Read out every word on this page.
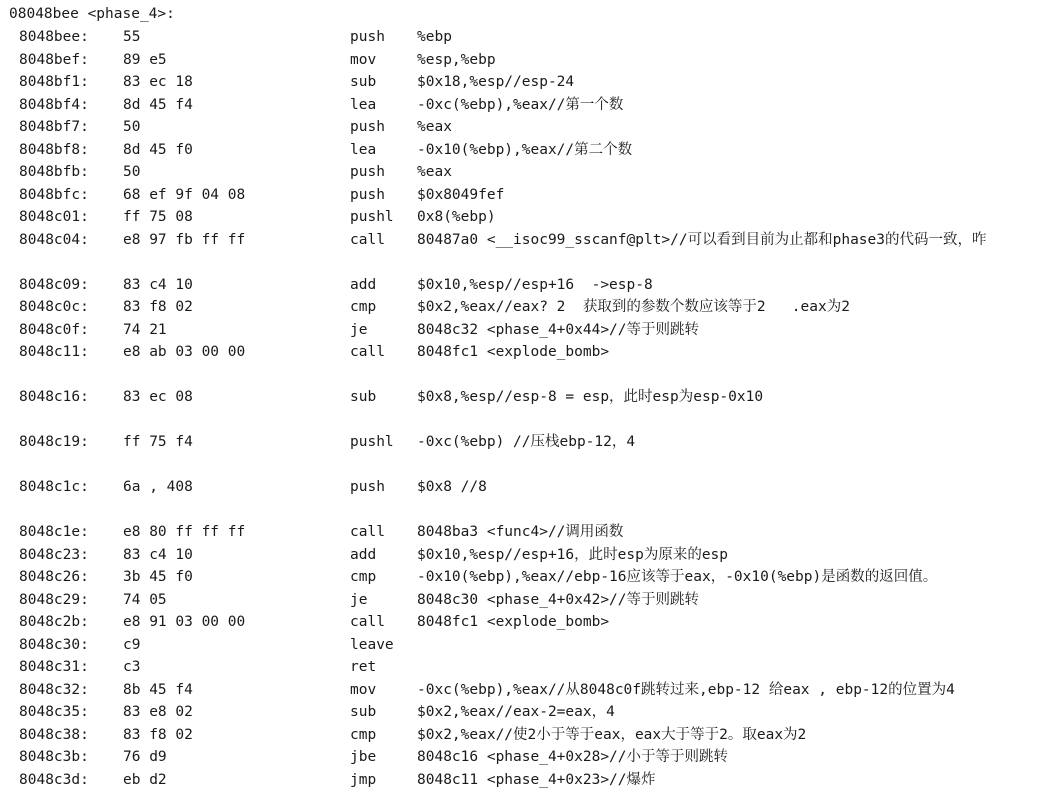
08048bee <phase_4>:
8048bee: 55	push %ebp
8048bef: 89 e5	mov	%esp,%ebp
8048bf1: 83 ec 18	sub	$0x18,%esp//esp-24
8048bf4: 8d 45 f4	lea	-0xc(%ebp),%eax//第一个数
8048bf7: 50	push %eax
8048bf8: 8d 45 f0	lea	-0x10(%ebp),%eax//第二个数
8048bfb: 50	push %eax
8048bfc: 68 ef 9f 04 08	push $0x8049fef
8048c01: ff 75 08	pushl 0x8(%ebp)
8048c04: e8 97 fb ff ff	call 80487a0 <__isoc99_sscanf@plt>//可以看到目前为止都和phase3的代码一致，咋
8048c09: 83 c4 10	add	$0x10,%esp//esp+16  ->esp-8
8048c0c: 83 f8 02	cmp	$0x2,%eax//eax? 2  获取到的参数个数应该等于2   .eax为2
8048c0f: 74 21	je	8048c32 <phase_4+0x44>//等于则跳转
8048c11: e8 ab 03 00 00	call 8048fc1 <explode_bomb>
8048c16: 83 ec 08	sub	$0x8,%esp//esp-8 = esp，此时esp为esp-0x10
8048c19: ff 75 f4	pushl -0xc(%ebp) //压栈ebp-12，4
8048c1c: 6a , 408	push $0x8 //8
8048c1e: e8 80 ff ff ff	call 8048ba3 <func4>//调用函数
8048c23: 83 c4 10	add	$0x10,%esp//esp+16，此时esp为原来的esp
8048c26: 3b 45 f0	cmp	-0x10(%ebp),%eax//ebp-16应该等于eax，-0x10(%ebp)是函数的返回值。
8048c29: 74 05	je	8048c30 <phase_4+0x42>//等于则跳转
8048c2b: e8 91 03 00 00	call 8048fc1 <explode_bomb>
8048c30: c9	leave
8048c31: c3	ret
8048c32: 8b 45 f4	mov	-0xc(%ebp),%eax//从8048c0f跳转过来,ebp-12 给eax , ebp-12的位置为4
8048c35: 83 e8 02	sub	$0x2,%eax//eax-2=eax，4
8048c38: 83 f8 02	cmp	$0x2,%eax//使2小于等于eax，eax大于等于2。取eax为2
8048c3b: 76 d9	jbe	8048c16 <phase_4+0x28>//小于等于则跳转
8048c3d: eb d2	jmp	8048c11 <phase_4+0x23>//爆炸
